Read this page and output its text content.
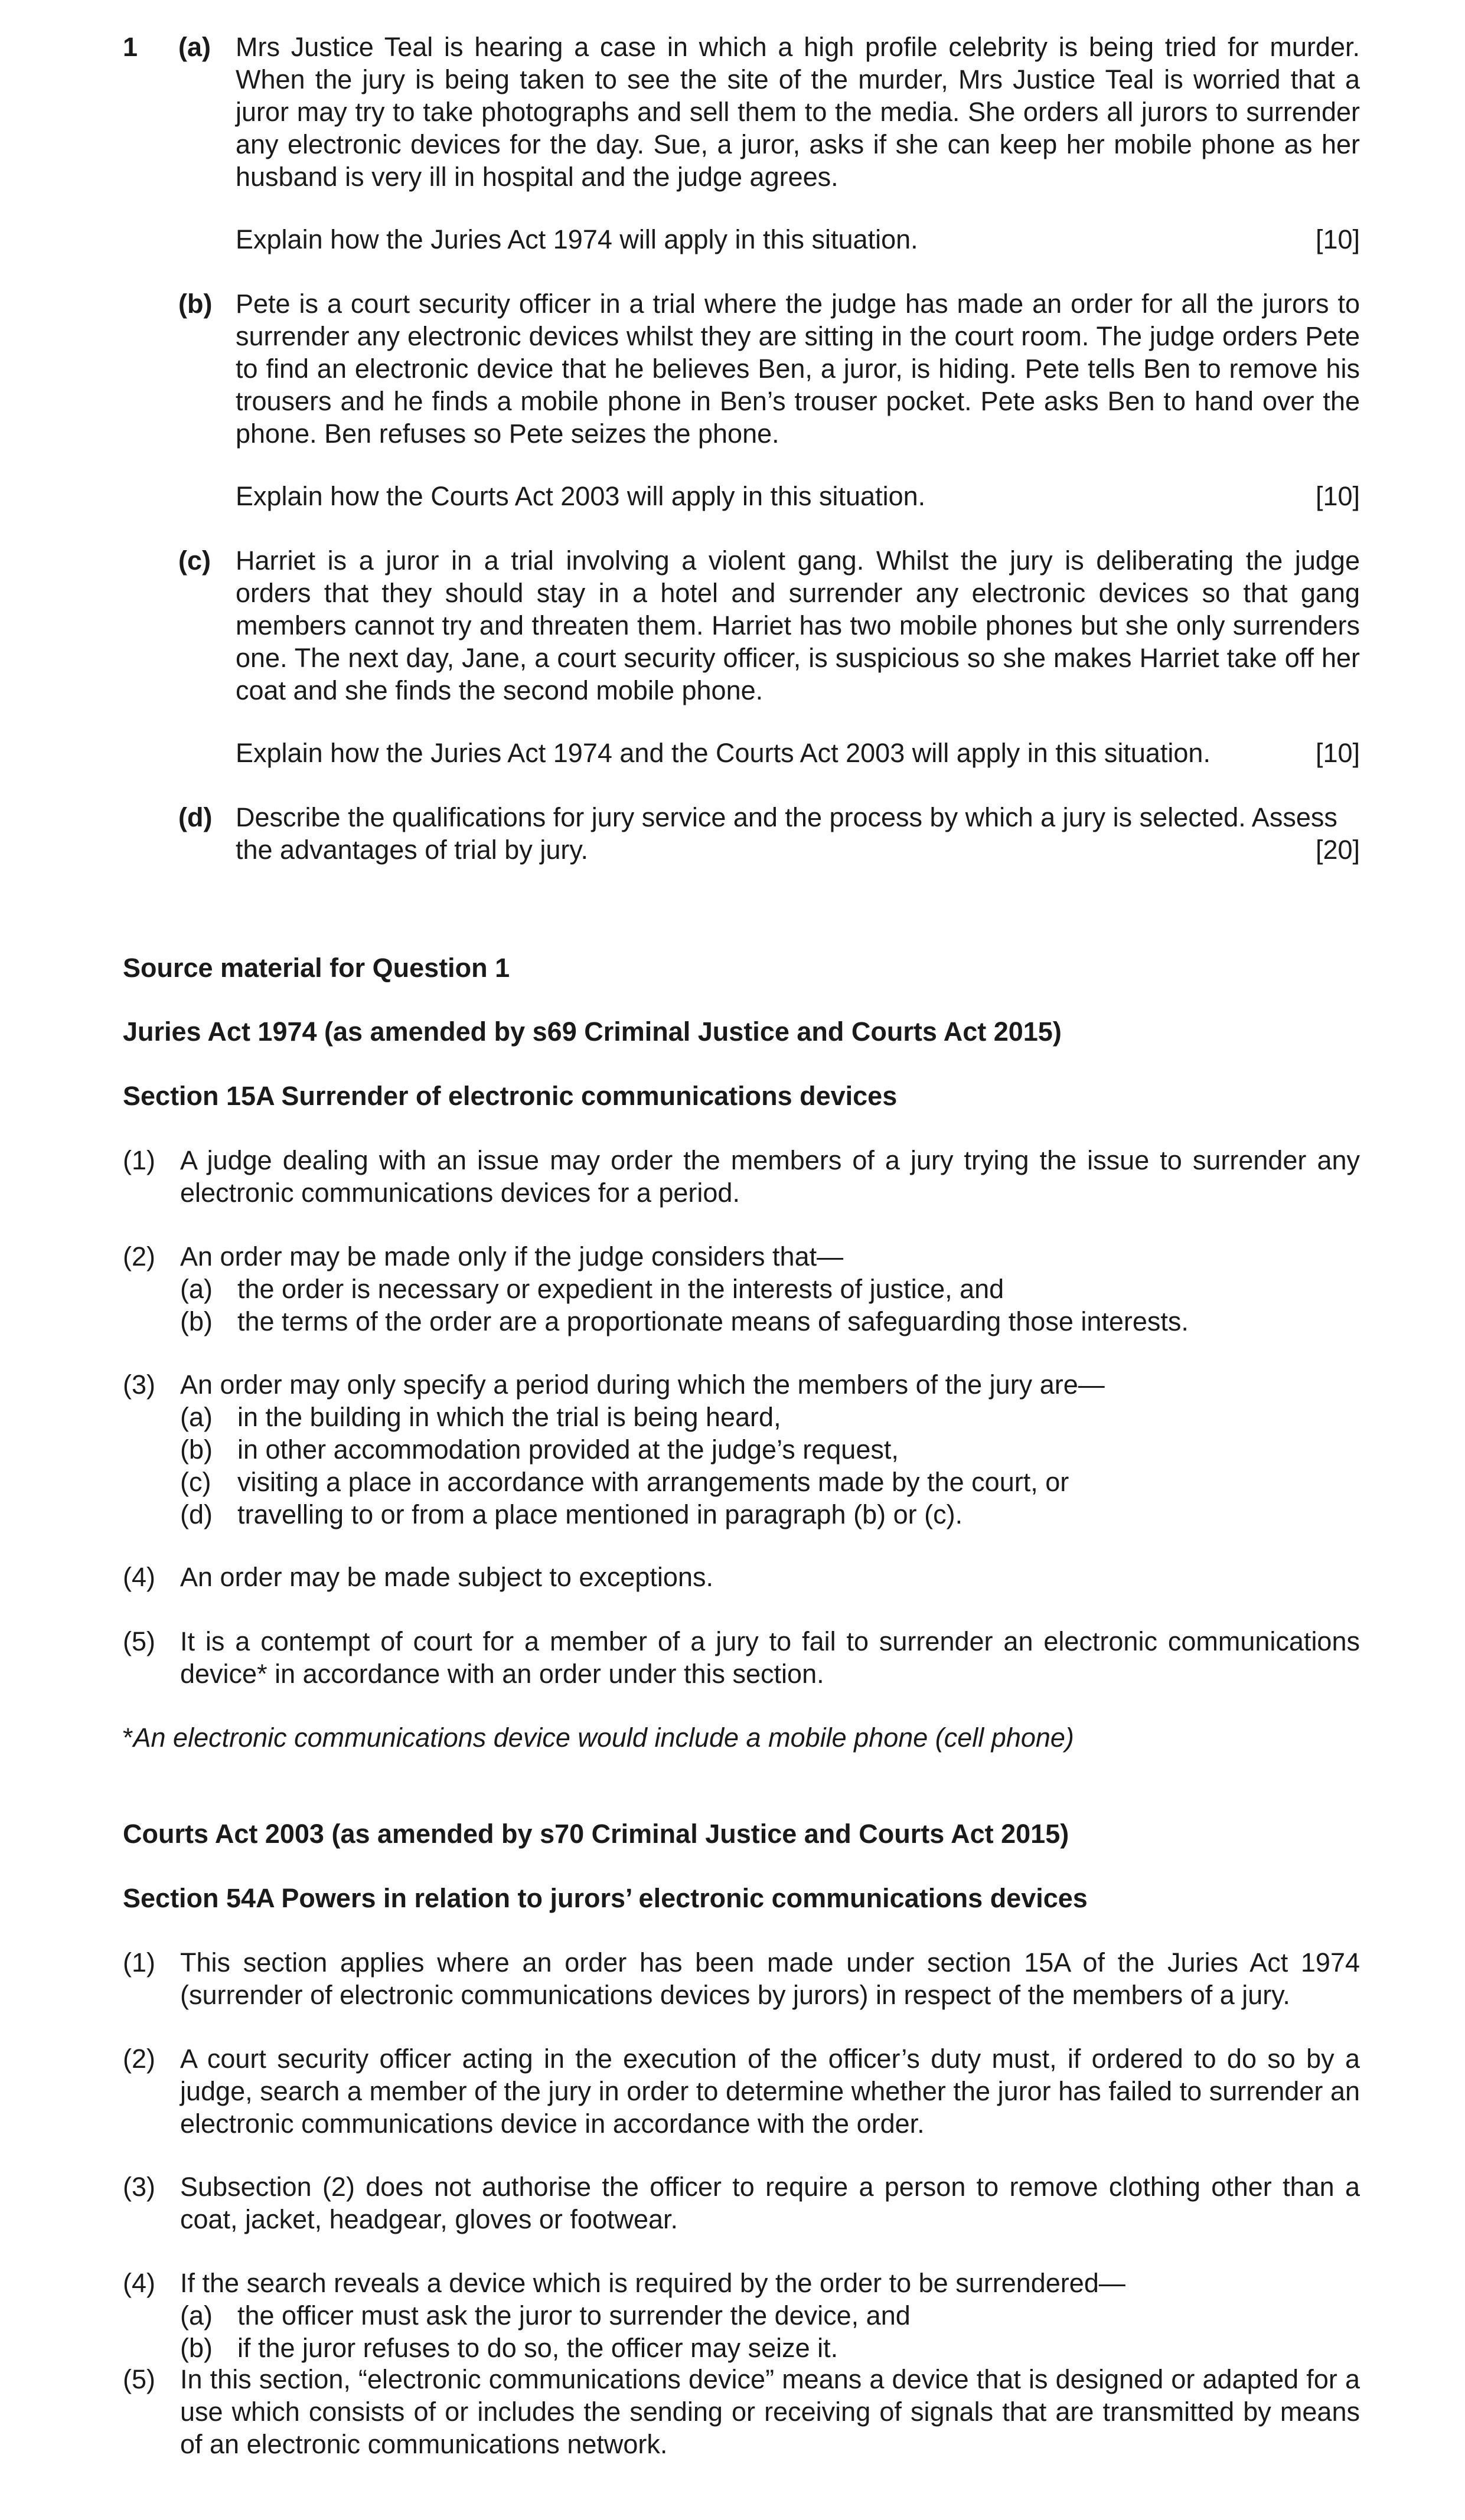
1 (a) Mrs Justice Teal is hearing a case in which a high profile celebrity is being tried for murder. When the jury is being taken to see the site of the murder, Mrs Justice Teal is worried that a juror may try to take photographs and sell them to the media. She orders all jurors to surrender any electronic devices for the day. Sue, a juror, asks if she can keep her mobile phone as her husband is very ill in hospital and the judge agrees.
Explain how the Juries Act 1974 will apply in this situation.	[10]
(b) Pete is a court security officer in a trial where the judge has made an order for all the jurors to surrender any electronic devices whilst they are sitting in the court room. The judge orders Pete to find an electronic device that he believes Ben, a juror, is hiding. Pete tells Ben to remove his trousers and he finds a mobile phone in Ben’s trouser pocket. Pete asks Ben to hand over the phone. Ben refuses so Pete seizes the phone.
Explain how the Courts Act 2003 will apply in this situation.	[10]
(c) Harriet is a juror in a trial involving a violent gang. Whilst the jury is deliberating the judge orders that they should stay in a hotel and surrender any electronic devices so that gang members cannot try and threaten them. Harriet has two mobile phones but she only surrenders one. The next day, Jane, a court security officer, is suspicious so she makes Harriet take off her coat and she finds the second mobile phone.
Explain how the Juries Act 1974 and the Courts Act 2003 will apply in this situation.	[10]
(d) Describe the qualifications for jury service and the process by which a jury is selected. Assess
the advantages of trial by jury.	[20]
Source material for Question 1
Juries Act 1974 (as amended by s69 Criminal Justice and Courts Act 2015)
Section 15A Surrender of electronic communications devices
(1) A judge dealing with an issue may order the members of a jury trying the issue to surrender any electronic communications devices for a period.
(2) An order may be made only if the judge considers that—
(a) the order is necessary or expedient in the interests of justice, and
(b) the terms of the order are a proportionate means of safeguarding those interests.
(3) An order may only specify a period during which the members of the jury are—
(a) in the building in which the trial is being heard,
(b) in other accommodation provided at the judge’s request,
(c) visiting a place in accordance with arrangements made by the court, or
(d) travelling to or from a place mentioned in paragraph (b) or (c).
(4) An order may be made subject to exceptions.
(5) It is a contempt of court for a member of a jury to fail to surrender an electronic communications device* in accordance with an order under this section.
*An electronic communications device would include a mobile phone (cell phone)
Courts Act 2003 (as amended by s70 Criminal Justice and Courts Act 2015)
Section 54A Powers in relation to jurors’ electronic communications devices
(1) This section applies where an order has been made under section 15A of the Juries Act 1974 (surrender of electronic communications devices by jurors) in respect of the members of a jury.
(2) A court security officer acting in the execution of the officer’s duty must, if ordered to do so by a judge, search a member of the jury in order to determine whether the juror has failed to surrender an electronic communications device in accordance with the order.
(3) Subsection (2) does not authorise the officer to require a person to remove clothing other than a coat, jacket, headgear, gloves or footwear.
(4) If the search reveals a device which is required by the order to be surrendered—
(a) the officer must ask the juror to surrender the device, and
(b) if the juror refuses to do so, the officer may seize it.
(5) In this section, “electronic communications device” means a device that is designed or adapted for a use which consists of or includes the sending or receiving of signals that are transmitted by means of an electronic communications network.
